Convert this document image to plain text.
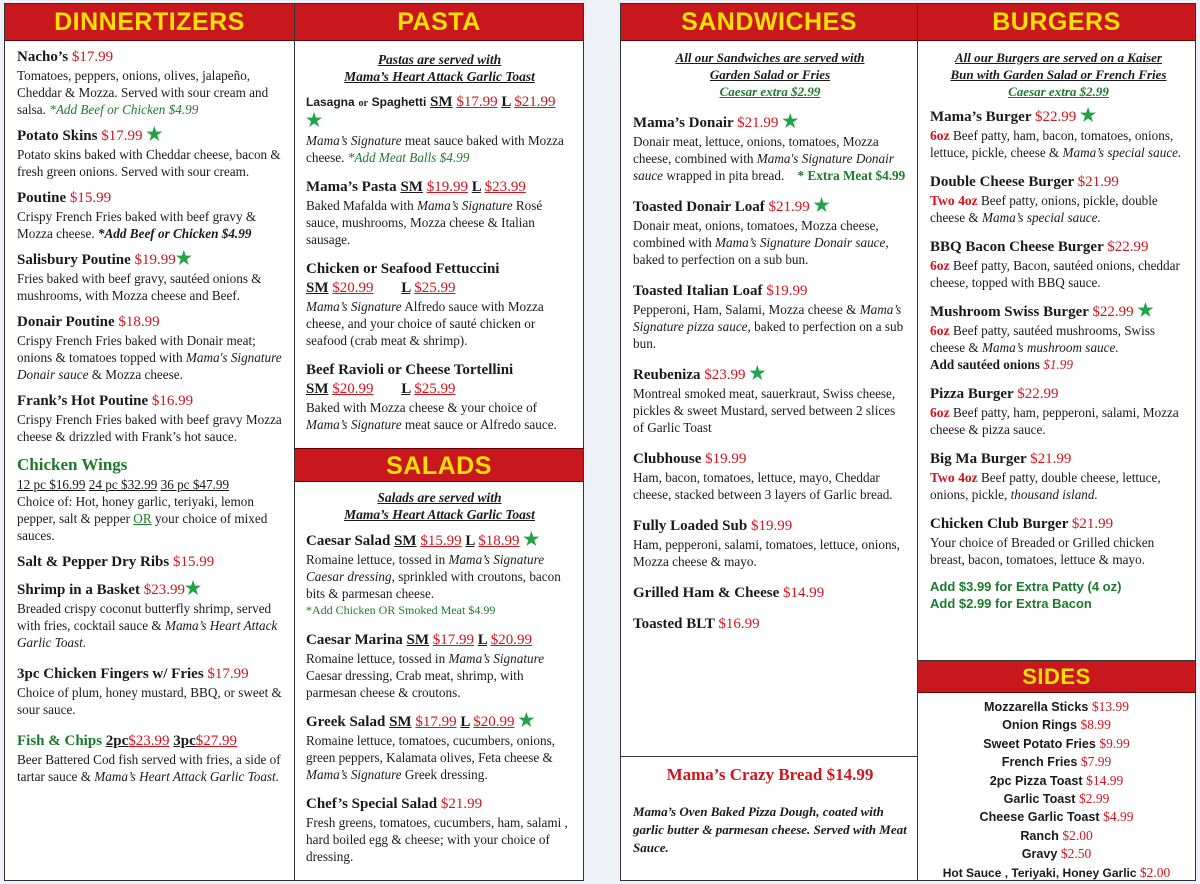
DINNERTIZERS
Nacho’s $17.99
Tomatoes, peppers, onions, olives, jalapeño, Cheddar & Mozza. Served with sour cream and salsa. *Add Beef or Chicken $4.99
Potato Skins $17.99 ★
Potato skins baked with Cheddar cheese, bacon & fresh green onions. Served with sour cream.
Poutine $15.99
Crispy French Fries baked with beef gravy & Mozza cheese. *Add Beef or Chicken $4.99
Salisbury Poutine $19.99★
Fries baked with beef gravy, sautéed onions & mushrooms, with Mozza cheese and Beef.
Donair Poutine $18.99
Crispy French Fries baked with Donair meat; onions & tomatoes topped with Mama's Signature Donair sauce & Mozza cheese.
Frank’s Hot Poutine $16.99
Crispy French Fries baked with beef gravy Mozza cheese & drizzled with Frank’s hot sauce.
Chicken Wings
12 pc $16.99 24 pc $32.99 36 pc $47.99
Choice of: Hot, honey garlic, teriyaki, lemon pepper, salt & pepper OR your choice of mixed sauces.
Salt & Pepper Dry Ribs $15.99
Shrimp in a Basket $23.99★
Breaded crispy coconut butterfly shrimp, served with fries, cocktail sauce & Mama’s Heart Attack Garlic Toast.
3pc Chicken Fingers w/ Fries $17.99
Choice of plum, honey mustard, BBQ, or sweet & sour sauce.
Fish & Chips 2pc$23.99 3pc$27.99
Beer Battered Cod fish served with fries, a side of tartar sauce & Mama’s Heart Attack Garlic Toast.
PASTA
Pastas are served with
Mama’s Heart Attack Garlic Toast
Lasagna or Spaghetti SM $17.99 L $21.99 ★
Mama’s Signature meat sauce baked with Mozza cheese. *Add Meat Balls $4.99
Mama’s Pasta SM $19.99 L $23.99
Baked Mafalda with Mama’s Signature Rosé sauce, mushrooms, Mozza cheese & Italian sausage.
Chicken or Seafood Fettuccini
SM $20.99 L $25.99
Mama’s Signature Alfredo sauce with Mozza cheese, and your choice of sauté chicken or seafood (crab meat & shrimp).
Beef Ravioli or Cheese Tortellini
SM $20.99 L $25.99
Baked with Mozza cheese & your choice of Mama’s Signature meat sauce or Alfredo sauce.
SALADS
Salads are served with
Mama’s Heart Attack Garlic Toast
Caesar Salad SM $15.99 L $18.99 ★
Romaine lettuce, tossed in Mama’s Signature Caesar dressing, sprinkled with croutons, bacon bits & parmesan cheese.
*Add Chicken OR Smoked Meat $4.99
Caesar Marina SM $17.99 L $20.99
Romaine lettuce, tossed in Mama’s Signature Caesar dressing, Crab meat, shrimp, with parmesan cheese & croutons.
Greek Salad SM $17.99 L $20.99 ★
Romaine lettuce, tomatoes, cucumbers, onions, green peppers, Kalamata olives, Feta cheese & Mama’s Signature Greek dressing.
Chef’s Special Salad $21.99
Fresh greens, tomatoes, cucumbers, ham, salami , hard boiled egg & cheese; with your choice of dressing.
SANDWICHES
All our Sandwiches are served with
Garden Salad or Fries
Caesar extra $2.99
Mama’s Donair $21.99 ★
Donair meat, lettuce, onions, tomatoes, Mozza cheese, combined with Mama's Signature Donair sauce wrapped in pita bread. * Extra Meat $4.99
Toasted Donair Loaf $21.99 ★
Donair meat, onions, tomatoes, Mozza cheese, combined with Mama’s Signature Donair sauce, baked to perfection on a sub bun.
Toasted Italian Loaf $19.99
Pepperoni, Ham, Salami, Mozza cheese & Mama’s Signature pizza sauce, baked to perfection on a sub bun.
Reubeniza $23.99 ★
Montreal smoked meat, sauerkraut, Swiss cheese, pickles & sweet Mustard, served between 2 slices of Garlic Toast
Clubhouse $19.99
Ham, bacon, tomatoes, lettuce, mayo, Cheddar cheese, stacked between 3 layers of Garlic bread.
Fully Loaded Sub $19.99
Ham, pepperoni, salami, tomatoes, lettuce, onions, Mozza cheese & mayo.
Grilled Ham & Cheese $14.99
Toasted BLT $16.99
Mama’s Crazy Bread $14.99
Mama’s Oven Baked Pizza Dough, coated with garlic butter & parmesan cheese. Served with Meat Sauce.
BURGERS
All our Burgers are served on a Kaiser
Bun with Garden Salad or French Fries
Caesar extra $2.99
Mama’s Burger $22.99 ★
6oz Beef patty, ham, bacon, tomatoes, onions, lettuce, pickle, cheese & Mama’s special sauce.
Double Cheese Burger $21.99
Two 4oz Beef patty, onions, pickle, double cheese & Mama’s special sauce.
BBQ Bacon Cheese Burger $22.99
6oz Beef patty, Bacon, sautéed onions, cheddar cheese, topped with BBQ sauce.
Mushroom Swiss Burger $22.99 ★
6oz Beef patty, sautéed mushrooms, Swiss cheese & Mama’s mushroom sauce.
Add sautéed onions $1.99
Pizza Burger $22.99
6oz Beef patty, ham, pepperoni, salami, Mozza cheese & pizza sauce.
Big Ma Burger $21.99
Two 4oz Beef patty, double cheese, lettuce, onions, pickle, thousand island.
Chicken Club Burger $21.99
Your choice of Breaded or Grilled chicken breast, bacon, tomatoes, lettuce & mayo.
Add $3.99 for Extra Patty (4 oz)
Add $2.99 for Extra Bacon
SIDES
Mozzarella Sticks $13.99
Onion Rings $8.99
Sweet Potato Fries $9.99
French Fries $7.99
2pc Pizza Toast $14.99
Garlic Toast $2.99
Cheese Garlic Toast $4.99
Ranch $2.00
Gravy $2.50
Hot Sauce , Teriyaki, Honey Garlic $2.00
